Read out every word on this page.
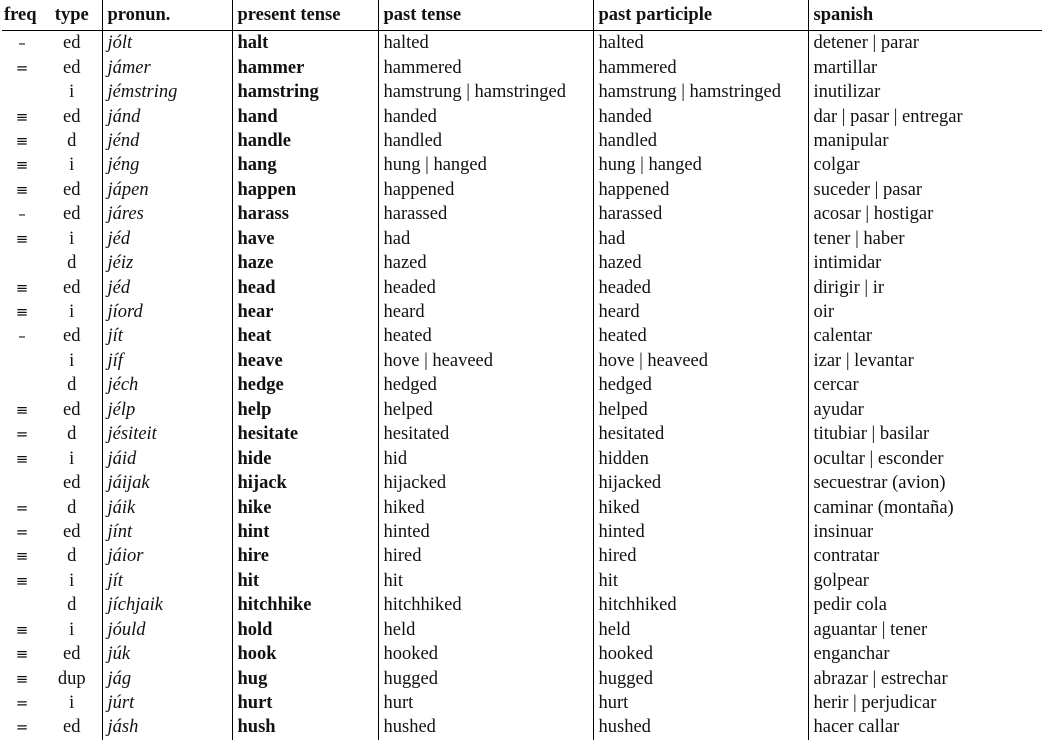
freq	type	pronun.	present tense	past tense	past participle	spanish
–	ed	jólt	halt	halted	halted	detener | parar
=	ed	jámer	hammer	hammered	hammered	martillar
	i	jémstring	hamstring	hamstrung | hamstringed	hamstrung | hamstringed	inutilizar
≡	ed	jánd	hand	handed	handed	dar | pasar | entregar
≡	d	jénd	handle	handled	handled	manipular
≡	i	jéng	hang	hung | hanged	hung | hanged	colgar
≡	ed	jápen	happen	happened	happened	suceder | pasar
–	ed	járes	harass	harassed	harassed	acosar | hostigar
≡	i	jéd	have	had	had	tener | haber
	d	jéiz	haze	hazed	hazed	intimidar
≡	ed	jéd	head	headed	headed	dirigir | ir
≡	i	jíord	hear	heard	heard	oir
–	ed	jít	heat	heated	heated	calentar
	i	jíf	heave	hove | heaveed	hove | heaveed	izar | levantar
	d	jéch	hedge	hedged	hedged	cercar
≡	ed	jélp	help	helped	helped	ayudar
=	d	jésiteit	hesitate	hesitated	hesitated	titubiar | basilar
≡	i	jáid	hide	hid	hidden	ocultar | esconder
	ed	jáijak	hijack	hijacked	hijacked	secuestrar (avion)
=	d	jáik	hike	hiked	hiked	caminar (montaña)
=	ed	jínt	hint	hinted	hinted	insinuar
≡	d	jáior	hire	hired	hired	contratar
≡	i	jít	hit	hit	hit	golpear
	d	jíchjaik	hitchhike	hitchhiked	hitchhiked	pedir cola
≡	i	jóuld	hold	held	held	aguantar | tener
≡	ed	júk	hook	hooked	hooked	enganchar
≡	dup	jág	hug	hugged	hugged	abrazar | estrechar
=	i	júrt	hurt	hurt	hurt	herir | perjudicar
=	ed	jásh	hush	hushed	hushed	hacer callar
